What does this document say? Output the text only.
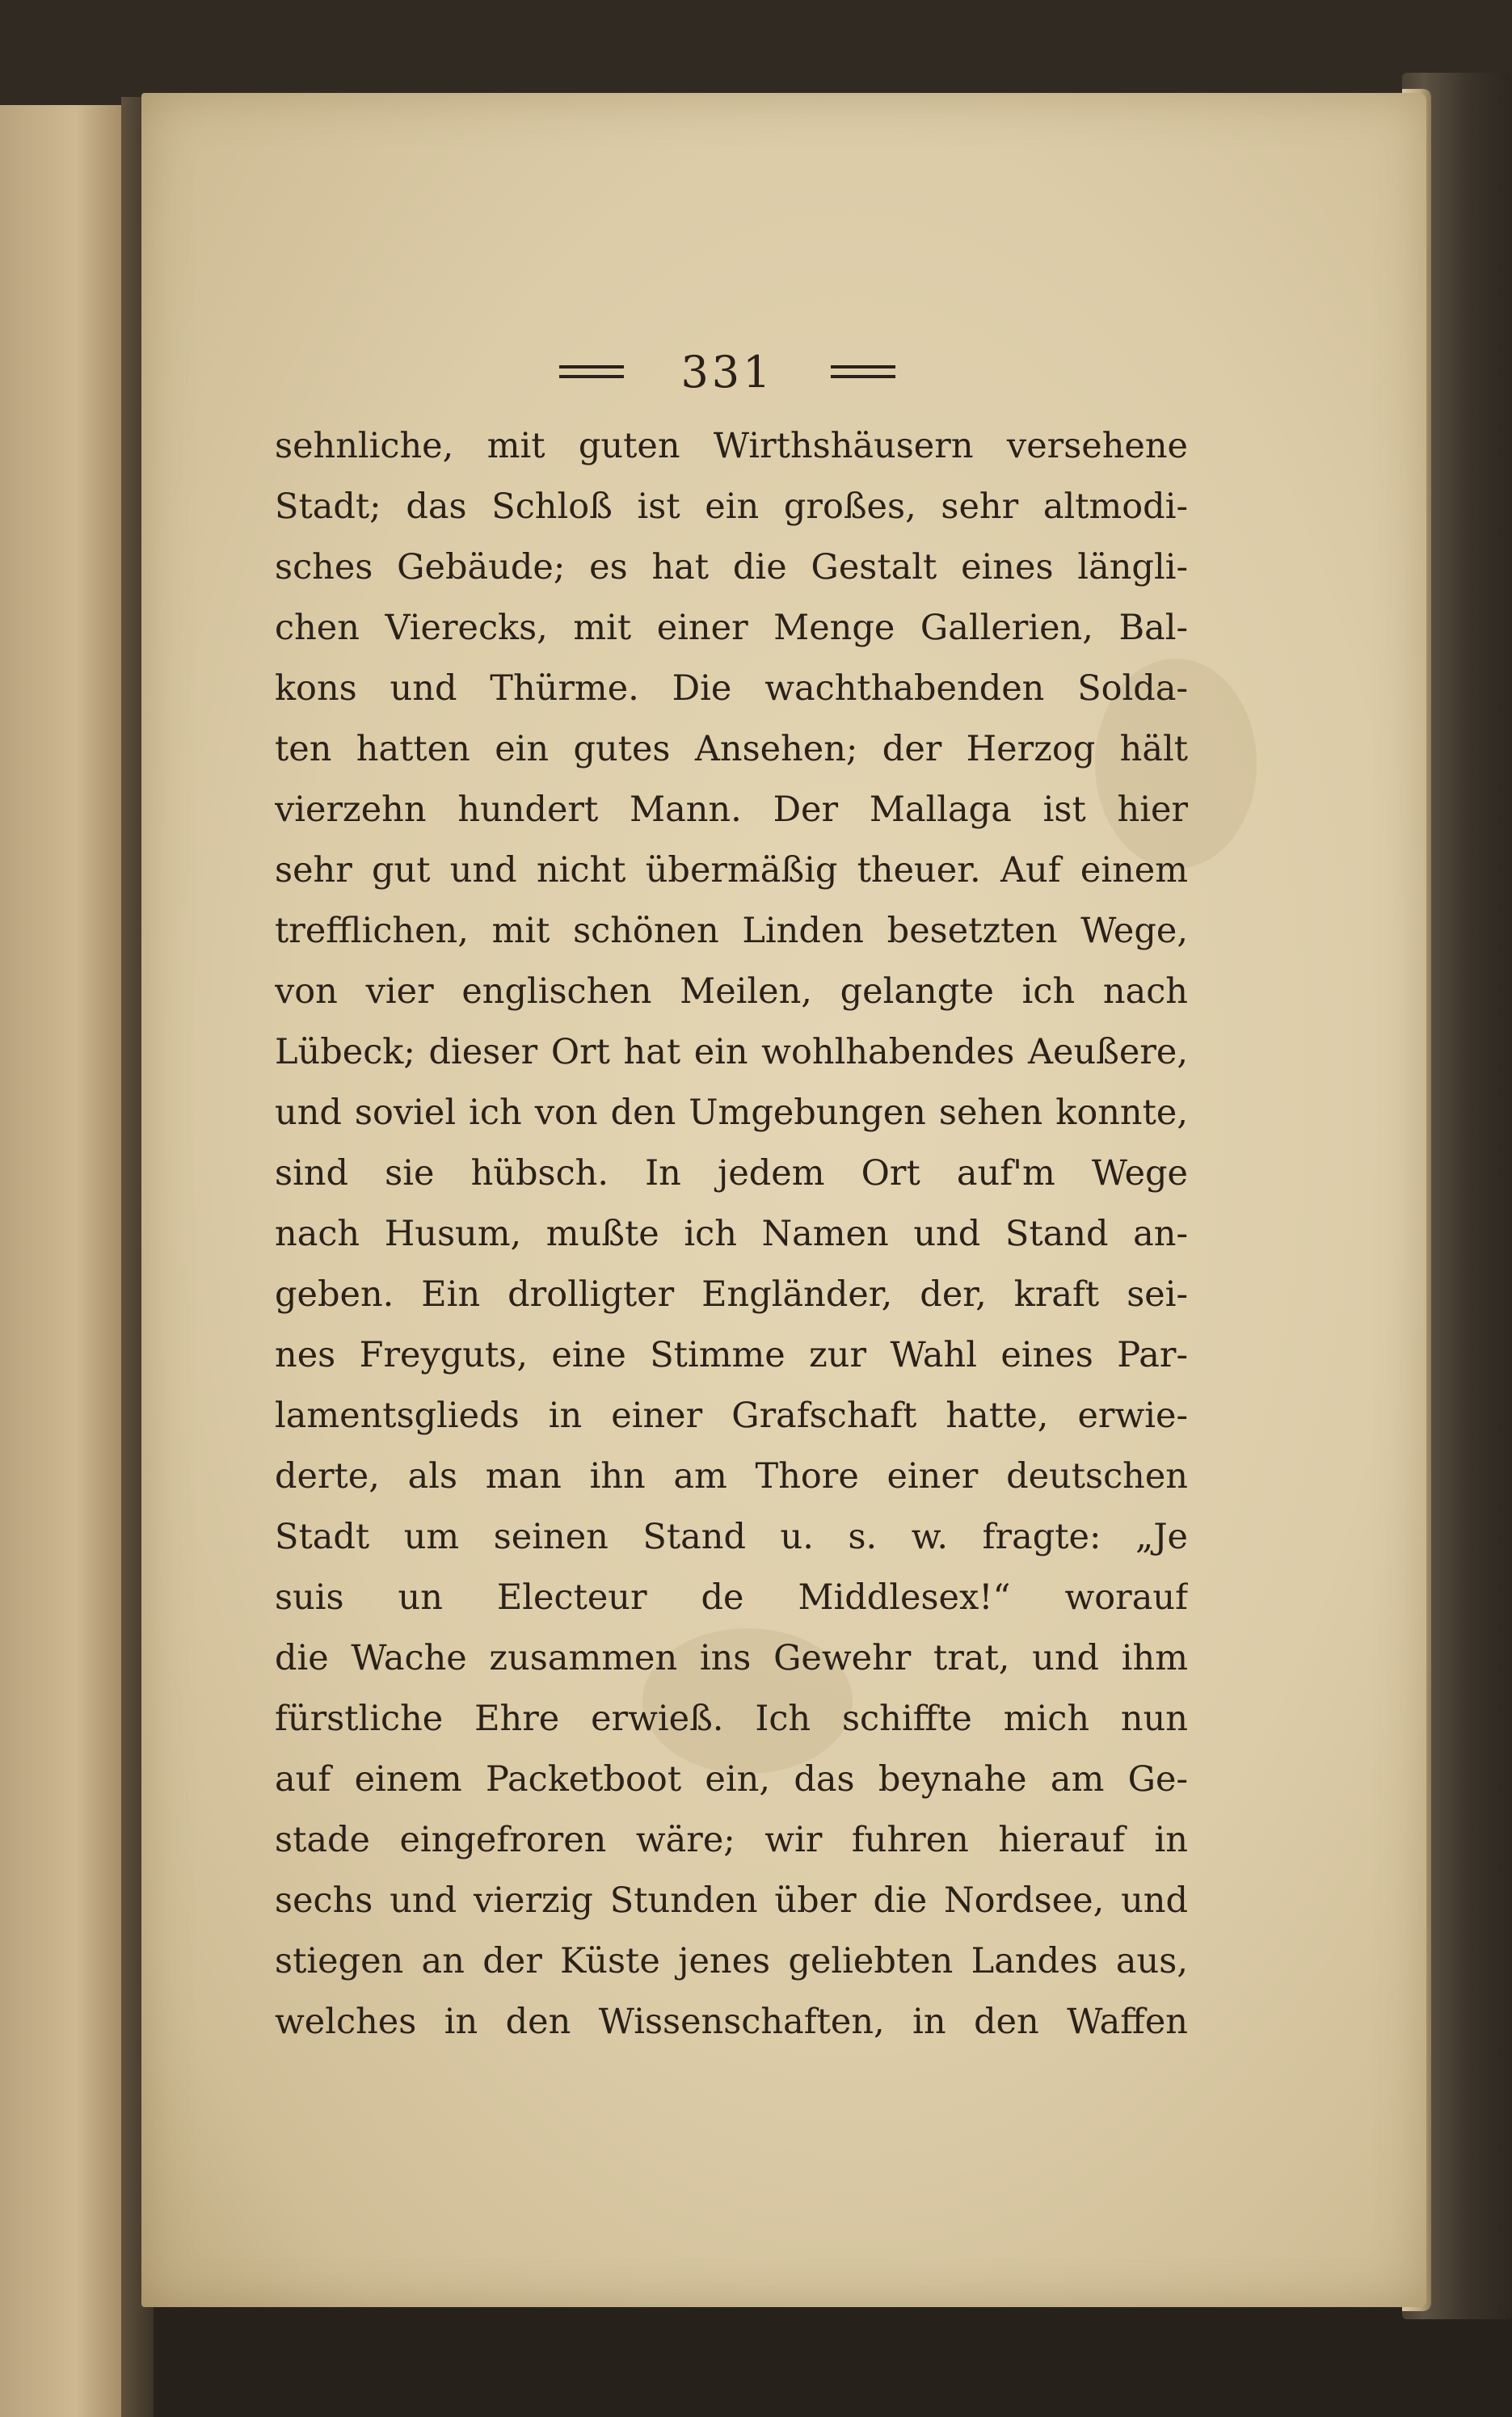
331
sehnliche, mit guten Wirthshäusern versehene
Stadt; das Schloß ist ein großes, sehr altmodi-
sches Gebäude; es hat die Gestalt eines längli-
chen Vierecks, mit einer Menge Gallerien, Bal-
kons und Thürme. Die wachthabenden Solda-
ten hatten ein gutes Ansehen; der Herzog hält
vierzehn hundert Mann. Der Mallaga ist hier
sehr gut und nicht übermäßig theuer. Auf einem
trefflichen, mit schönen Linden besetzten Wege,
von vier englischen Meilen, gelangte ich nach
Lübeck; dieser Ort hat ein wohlhabendes Aeußere,
und soviel ich von den Umgebungen sehen konnte,
sind sie hübsch. In jedem Ort auf'm Wege
nach Husum, mußte ich Namen und Stand an-
geben. Ein drolligter Engländer, der, kraft sei-
nes Freyguts, eine Stimme zur Wahl eines Par-
lamentsglieds in einer Grafschaft hatte, erwie-
derte, als man ihn am Thore einer deutschen
Stadt um seinen Stand u. s. w. fragte: „Je
suis un Electeur de Middlesex!“ worauf
die Wache zusammen ins Gewehr trat, und ihm
fürstliche Ehre erwieß. Ich schiffte mich nun
auf einem Packetboot ein, das beynahe am Ge-
stade eingefroren wäre; wir fuhren hierauf in
sechs und vierzig Stunden über die Nordsee, und
stiegen an der Küste jenes geliebten Landes aus,
welches in den Wissenschaften, in den Waffen
